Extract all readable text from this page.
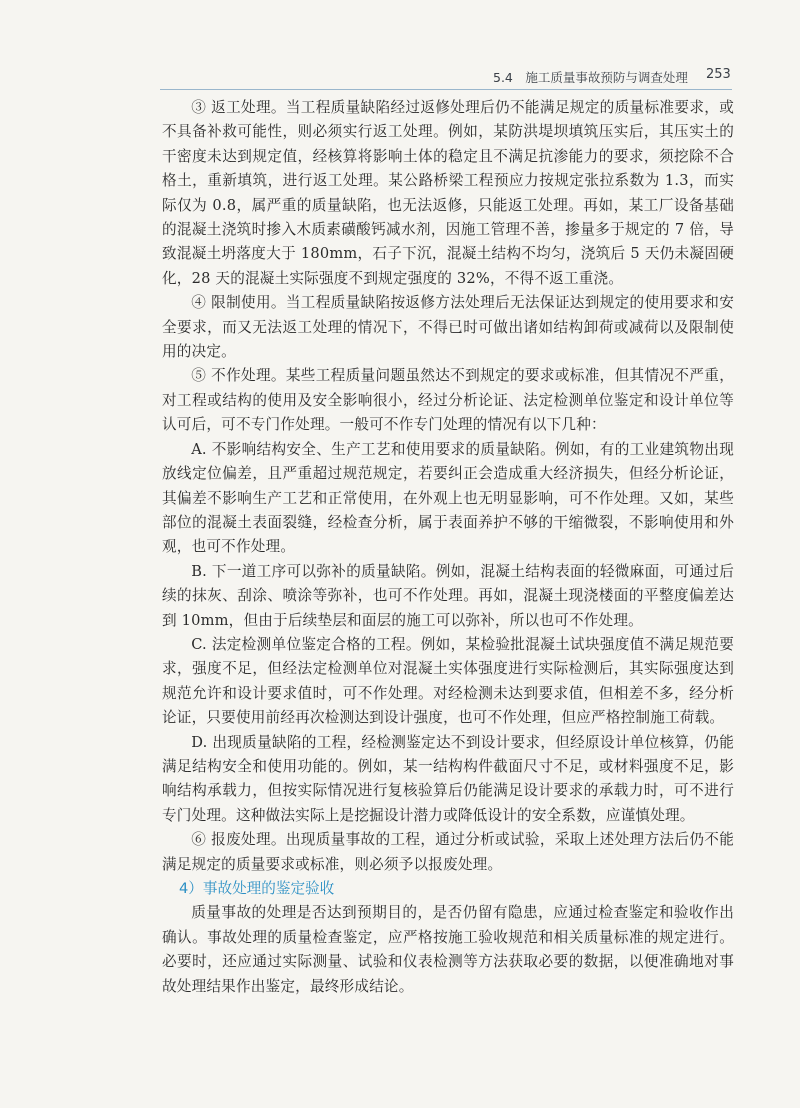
5.4　施工质量事故预防与调查处理 253

③ 返工处理。当工程质量缺陷经过返修处理后仍不能满足规定的质量标准要求，或不具备补救可能性，则必须实行返工处理。例如，某防洪堤坝填筑压实后，其压实土的干密度未达到规定值，经核算将影响土体的稳定且不满足抗渗能力的要求，须挖除不合格土，重新填筑，进行返工处理。某公路桥梁工程预应力按规定张拉系数为 1.3，而实际仅为 0.8，属严重的质量缺陷，也无法返修，只能返工处理。再如，某工厂设备基础的混凝土浇筑时掺入木质素磺酸钙减水剂，因施工管理不善，掺量多于规定的 7 倍，导致混凝土坍落度大于 180mm，石子下沉，混凝土结构不均匀，浇筑后 5 天仍未凝固硬化，28 天的混凝土实际强度不到规定强度的 32%，不得不返工重浇。

④ 限制使用。当工程质量缺陷按返修方法处理后无法保证达到规定的使用要求和安全要求，而又无法返工处理的情况下，不得已时可做出诸如结构卸荷或减荷以及限制使用的决定。

⑤ 不作处理。某些工程质量问题虽然达不到规定的要求或标准，但其情况不严重，对工程或结构的使用及安全影响很小，经过分析论证、法定检测单位鉴定和设计单位等认可后，可不专门作处理。一般可不作专门处理的情况有以下几种：

A. 不影响结构安全、生产工艺和使用要求的质量缺陷。例如，有的工业建筑物出现放线定位偏差，且严重超过规范规定，若要纠正会造成重大经济损失，但经分析论证，其偏差不影响生产工艺和正常使用，在外观上也无明显影响，可不作处理。又如，某些部位的混凝土表面裂缝，经检查分析，属于表面养护不够的干缩微裂，不影响使用和外观，也可不作处理。

B. 下一道工序可以弥补的质量缺陷。例如，混凝土结构表面的轻微麻面，可通过后续的抹灰、刮涂、喷涂等弥补，也可不作处理。再如，混凝土现浇楼面的平整度偏差达到 10mm，但由于后续垫层和面层的施工可以弥补，所以也可不作处理。

C. 法定检测单位鉴定合格的工程。例如，某检验批混凝土试块强度值不满足规范要求，强度不足，但经法定检测单位对混凝土实体强度进行实际检测后，其实际强度达到规范允许和设计要求值时，可不作处理。对经检测未达到要求值，但相差不多，经分析论证，只要使用前经再次检测达到设计强度，也可不作处理，但应严格控制施工荷载。

D. 出现质量缺陷的工程，经检测鉴定达不到设计要求，但经原设计单位核算，仍能满足结构安全和使用功能的。例如，某一结构构件截面尺寸不足，或材料强度不足，影响结构承载力，但按实际情况进行复核验算后仍能满足设计要求的承载力时，可不进行专门处理。这种做法实际上是挖掘设计潜力或降低设计的安全系数，应谨慎处理。

⑥ 报废处理。出现质量事故的工程，通过分析或试验，采取上述处理方法后仍不能满足规定的质量要求或标准，则必须予以报废处理。

4）事故处理的鉴定验收

质量事故的处理是否达到预期目的，是否仍留有隐患，应通过检查鉴定和验收作出确认。事故处理的质量检查鉴定，应严格按施工验收规范和相关质量标准的规定进行。必要时，还应通过实际测量、试验和仪表检测等方法获取必要的数据，以便准确地对事故处理结果作出鉴定，最终形成结论。
